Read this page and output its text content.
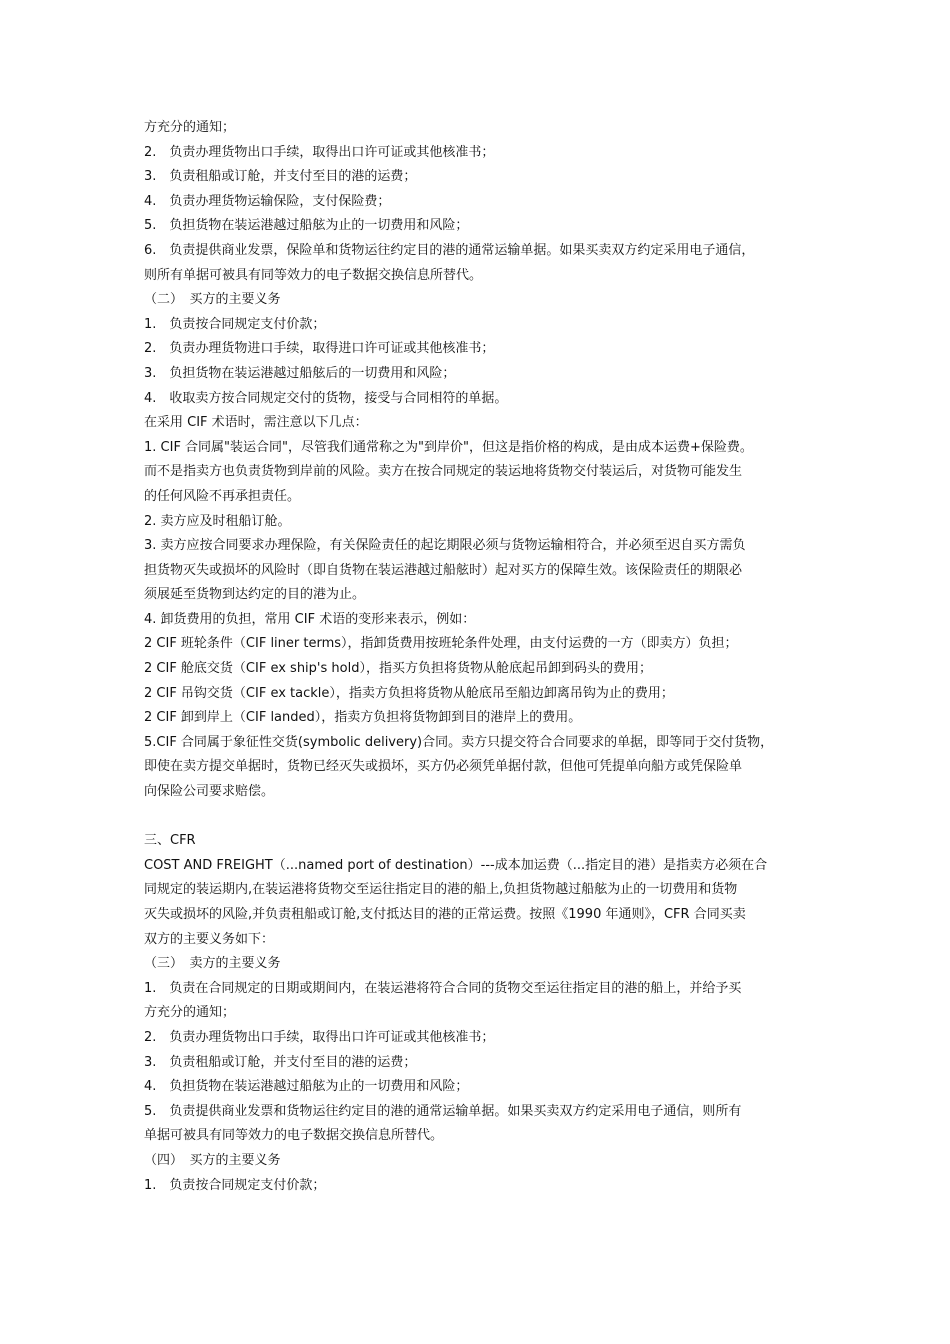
方充分的通知；
2.　负责办理货物出口手续，取得出口许可证或其他核准书；
3.　负责租船或订舱，并支付至目的港的运费；
4.　负责办理货物运输保险，支付保险费；
5.　负担货物在装运港越过船舷为止的一切费用和风险；
6.　负责提供商业发票，保险单和货物运往约定目的港的通常运输单据。如果买卖双方约定采用电子通信，
则所有单据可被具有同等效力的电子数据交换信息所替代。
（二）　买方的主要义务
1.　负责按合同规定支付价款；
2.　负责办理货物进口手续，取得进口许可证或其他核准书；
3.　负担货物在装运港越过船舷后的一切费用和风险；
4.　收取卖方按合同规定交付的货物，接受与合同相符的单据。
在采用 CIF 术语时，需注意以下几点：
1. CIF 合同属"装运合同"，尽管我们通常称之为"到岸价"，但这是指价格的构成，是由成本运费+保险费。
而不是指卖方也负责货物到岸前的风险。卖方在按合同规定的装运地将货物交付装运后，对货物可能发生
的任何风险不再承担责任。
2. 卖方应及时租船订舱。
3. 卖方应按合同要求办理保险，有关保险责任的起讫期限必须与货物运输相符合，并必须至迟自买方需负
担货物灭失或损坏的风险时（即自货物在装运港越过船舷时）起对买方的保障生效。该保险责任的期限必
须展延至货物到达约定的目的港为止。
4. 卸货费用的负担，常用 CIF 术语的变形来表示，例如：
2 CIF 班轮条件（CIF liner terms），指卸货费用按班轮条件处理，由支付运费的一方（即卖方）负担；
2 CIF 舱底交货（CIF ex ship's hold），指买方负担将货物从舱底起吊卸到码头的费用；
2 CIF 吊钩交货（CIF ex tackle），指卖方负担将货物从舱底吊至船边卸离吊钩为止的费用；
2 CIF 卸到岸上（CIF landed），指卖方负担将货物卸到目的港岸上的费用。
5.CIF 合同属于象征性交货(symbolic delivery)合同。卖方只提交符合合同要求的单据，即等同于交付货物，
即使在卖方提交单据时，货物已经灭失或损坏，买方仍必须凭单据付款，但他可凭提单向船方或凭保险单
向保险公司要求赔偿。
三、CFR
COST AND FREIGHT（...named port of destination）---成本加运费（...指定目的港）是指卖方必须在合
同规定的装运期内,在装运港将货物交至运往指定目的港的船上,负担货物越过船舷为止的一切费用和货物
灭失或损坏的风险,并负责租船或订舱,支付抵达目的港的正常运费。按照《1990 年通则》，CFR 合同买卖
双方的主要义务如下：
（三）　卖方的主要义务
1.　负责在合同规定的日期或期间内，在装运港将符合合同的货物交至运往指定目的港的船上，并给予买
方充分的通知；
2.　负责办理货物出口手续，取得出口许可证或其他核准书；
3.　负责租船或订舱，并支付至目的港的运费；
4.　负担货物在装运港越过船舷为止的一切费用和风险；
5.　负责提供商业发票和货物运往约定目的港的通常运输单据。如果买卖双方约定采用电子通信，则所有
单据可被具有同等效力的电子数据交换信息所替代。
（四）　买方的主要义务
1.　负责按合同规定支付价款；
